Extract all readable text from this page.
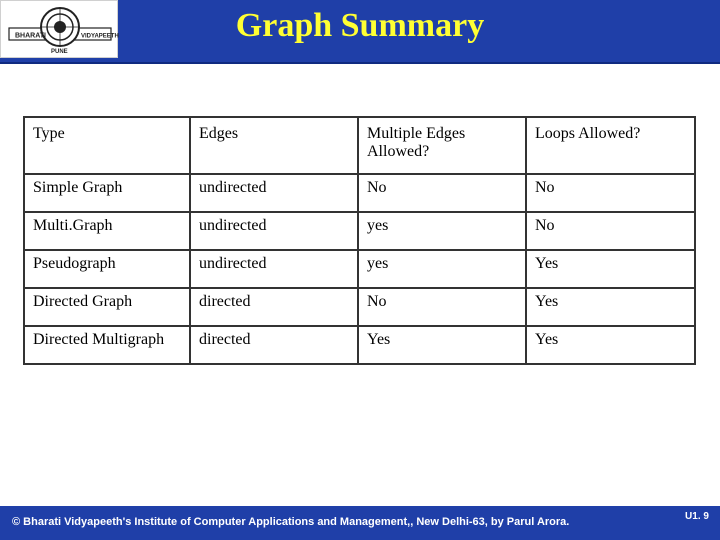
BHARATI	VIDYAPEETH
PUNE
Graph Summary
Type	Edges	Multiple Edges Allowed?	Loops Allowed?
Simple Graph	undirected	No	No
Multi.Graph	undirected	yes	No
Pseudograph	undirected	yes	Yes
Directed Graph	directed	No	Yes
Directed Multigraph	directed	Yes	Yes
© Bharati Vidyapeeth's Institute of Computer Applications and Management,, New Delhi-63, by Parul Arora.	U1. 9
